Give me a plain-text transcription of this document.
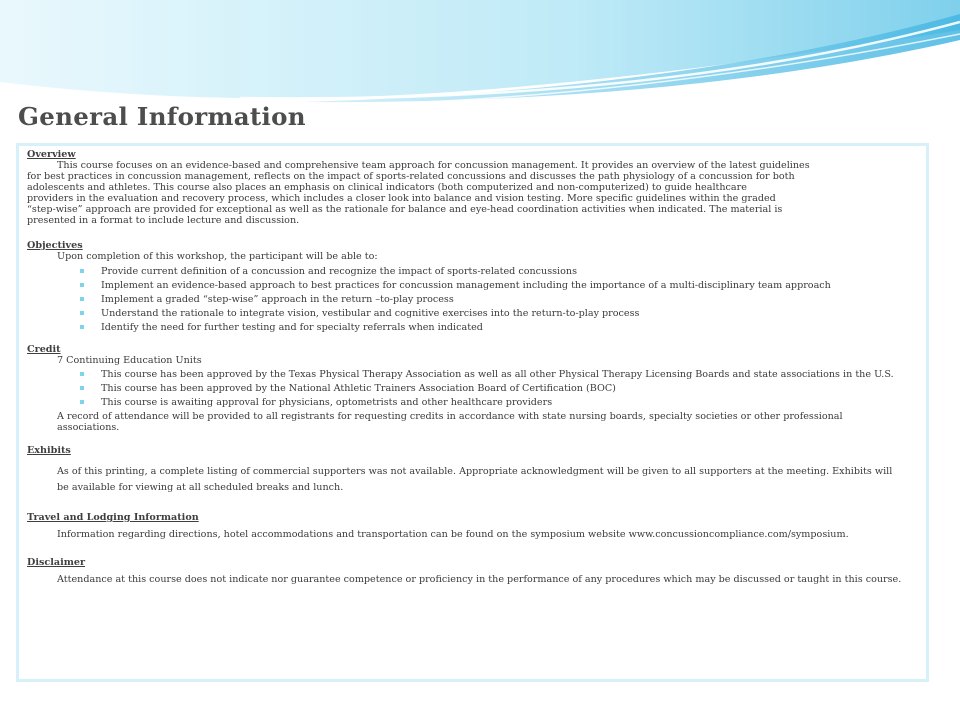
General Information
Overview
This course focuses on an evidence-based and comprehensive team approach for concussion management. It provides an overview of the latest guidelines
for best practices in concussion management, reflects on the impact of sports-related concussions and discusses the path physiology of a concussion for both
adolescents and athletes. This course also places an emphasis on clinical indicators (both computerized and non-computerized) to guide healthcare
providers in the evaluation and recovery process, which includes a closer look into balance and vision testing. More specific guidelines within the graded
“step-wise” approach are provided for exceptional as well as the rationale for balance and eye-head coordination activities when indicated. The material is
presented in a format to include lecture and discussion.
Objectives
Upon completion of this workshop, the participant will be able to:
Provide current definition of a concussion and recognize the impact of sports-related concussions
Implement an evidence-based approach to best practices for concussion management including the importance of a multi-disciplinary team approach
Implement a graded “step-wise” approach in the return –to-play process
Understand the rationale to integrate vision, vestibular and cognitive exercises into the return-to-play process
Identify the need for further testing and for specialty referrals when indicated
Credit
7 Continuing Education Units
This course has been approved by the Texas Physical Therapy Association as well as all other Physical Therapy Licensing Boards and state associations in the U.S.
This course has been approved by the National Athletic Trainers Association Board of Certification (BOC)
This course is awaiting approval for physicians, optometrists and other healthcare providers
A record of attendance will be provided to all registrants for requesting credits in accordance with state nursing boards, specialty societies or other professional associations.
Exhibits
As of this printing, a complete listing of commercial supporters was not available. Appropriate acknowledgment will be given to all supporters at the meeting. Exhibits will be available for viewing at all scheduled breaks and lunch.
Travel and Lodging Information
Information regarding directions, hotel accommodations and transportation can be found on the symposium website www.concussioncompliance.com/symposium.
Disclaimer
Attendance at this course does not indicate nor guarantee competence or proficiency in the performance of any procedures which may be discussed or taught in this course.
